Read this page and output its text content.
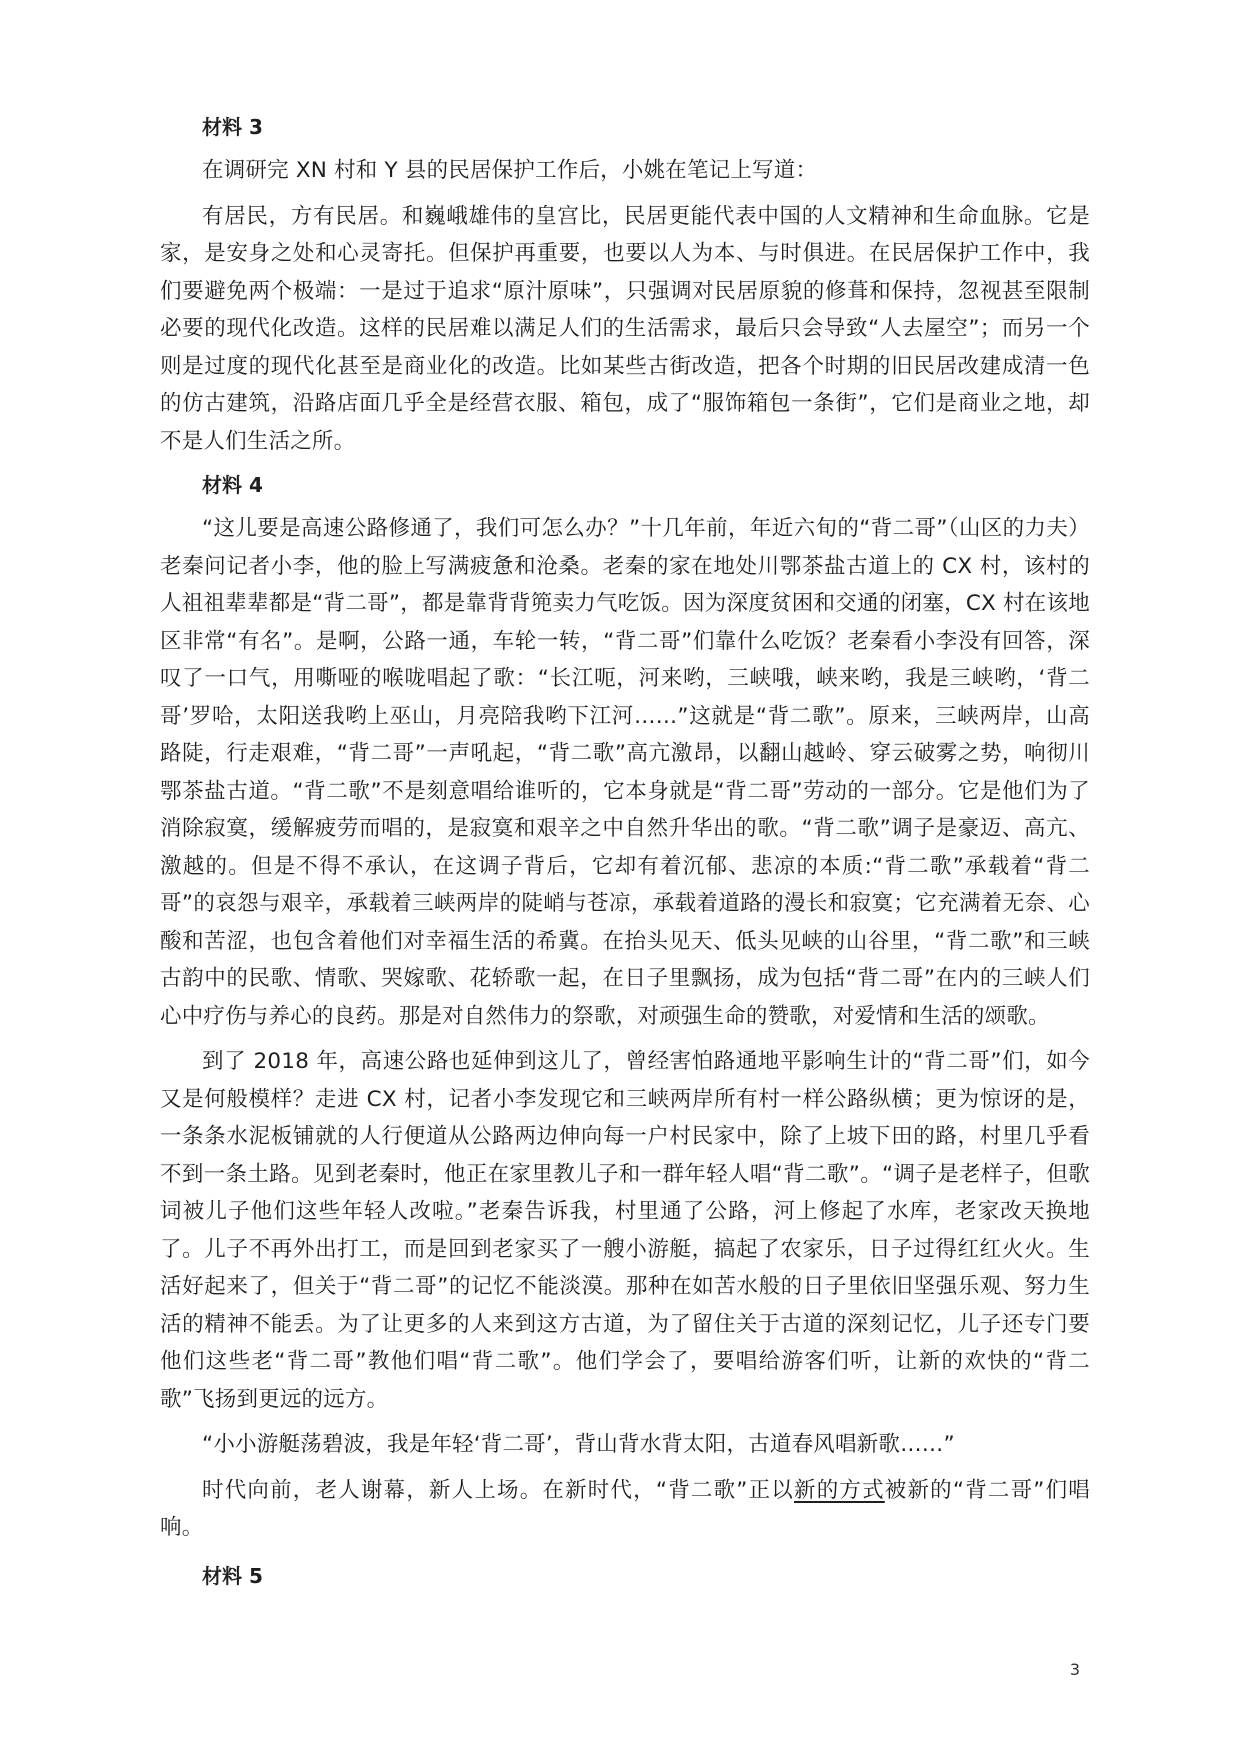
材料 3

在调研完 XN 村和 Y 县的民居保护工作后，小姚在笔记上写道：

有居民，方有民居。和巍峨雄伟的皇宫比，民居更能代表中国的人文精神和生命血脉。它是家，是安身之处和心灵寄托。但保护再重要，也要以人为本、与时俱进。在民居保护工作中，我们要避免两个极端：一是过于追求“原汁原味”，只强调对民居原貌的修葺和保持，忽视甚至限制必要的现代化改造。这样的民居难以满足人们的生活需求，最后只会导致“人去屋空”；而另一个则是过度的现代化甚至是商业化的改造。比如某些古街改造，把各个时期的旧民居改建成清一色的仿古建筑，沿路店面几乎全是经营衣服、箱包，成了“服饰箱包一条街”，它们是商业之地，却不是人们生活之所。

材料 4

“这儿要是高速公路修通了，我们可怎么办？”十几年前，年近六旬的“背二哥”（山区的力夫）老秦问记者小李，他的脸上写满疲惫和沧桑。老秦的家在地处川鄂茶盐古道上的 CX 村，该村的人祖祖辈辈都是“背二哥”，都是靠背背篼卖力气吃饭。因为深度贫困和交通的闭塞，CX 村在该地区非常“有名”。是啊，公路一通，车轮一转，“背二哥”们靠什么吃饭？老秦看小李没有回答，深叹了一口气，用嘶哑的喉咙唱起了歌：“长江呃，河来哟，三峡哦，峡来哟，我是三峡哟，‘背二哥’罗哈，太阳送我哟上巫山，月亮陪我哟下江河……”这就是“背二歌”。原来，三峡两岸，山高路陡，行走艰难，“背二哥”一声吼起，“背二歌”高亢激昂，以翻山越岭、穿云破雾之势，响彻川鄂茶盐古道。“背二歌”不是刻意唱给谁听的，它本身就是“背二哥”劳动的一部分。它是他们为了消除寂寞，缓解疲劳而唱的，是寂寞和艰辛之中自然升华出的歌。“背二歌”调子是豪迈、高亢、激越的。但是不得不承认，在这调子背后，它却有着沉郁、悲凉的本质:“背二歌”承载着“背二哥”的哀怨与艰辛，承载着三峡两岸的陡峭与苍凉，承载着道路的漫长和寂寞；它充满着无奈、心酸和苦涩，也包含着他们对幸福生活的希冀。在抬头见天、低头见峡的山谷里，“背二歌”和三峡古韵中的民歌、情歌、哭嫁歌、花轿歌一起，在日子里飘扬，成为包括“背二哥”在内的三峡人们心中疗伤与养心的良药。那是对自然伟力的祭歌，对顽强生命的赞歌，对爱情和生活的颂歌。

到了 2018 年，高速公路也延伸到这儿了，曾经害怕路通地平影响生计的“背二哥”们，如今又是何般模样？走进 CX 村，记者小李发现它和三峡两岸所有村一样公路纵横；更为惊讶的是，一条条水泥板铺就的人行便道从公路两边伸向每一户村民家中，除了上坡下田的路，村里几乎看不到一条土路。见到老秦时，他正在家里教儿子和一群年轻人唱“背二歌”。“调子是老样子，但歌词被儿子他们这些年轻人改啦。”老秦告诉我，村里通了公路，河上修起了水库，老家改天换地了。儿子不再外出打工，而是回到老家买了一艘小游艇，搞起了农家乐，日子过得红红火火。生活好起来了，但关于“背二哥”的记忆不能淡漠。那种在如苦水般的日子里依旧坚强乐观、努力生活的精神不能丢。为了让更多的人来到这方古道，为了留住关于古道的深刻记忆，儿子还专门要他们这些老“背二哥”教他们唱“背二歌”。他们学会了，要唱给游客们听，让新的欢快的“背二歌”飞扬到更远的远方。

“小小游艇荡碧波，我是年轻‘背二哥’，背山背水背太阳，古道春风唱新歌……”

时代向前，老人谢幕，新人上场。在新时代，“背二歌”正以新的方式被新的“背二哥”们唱响。

材料 5
3
